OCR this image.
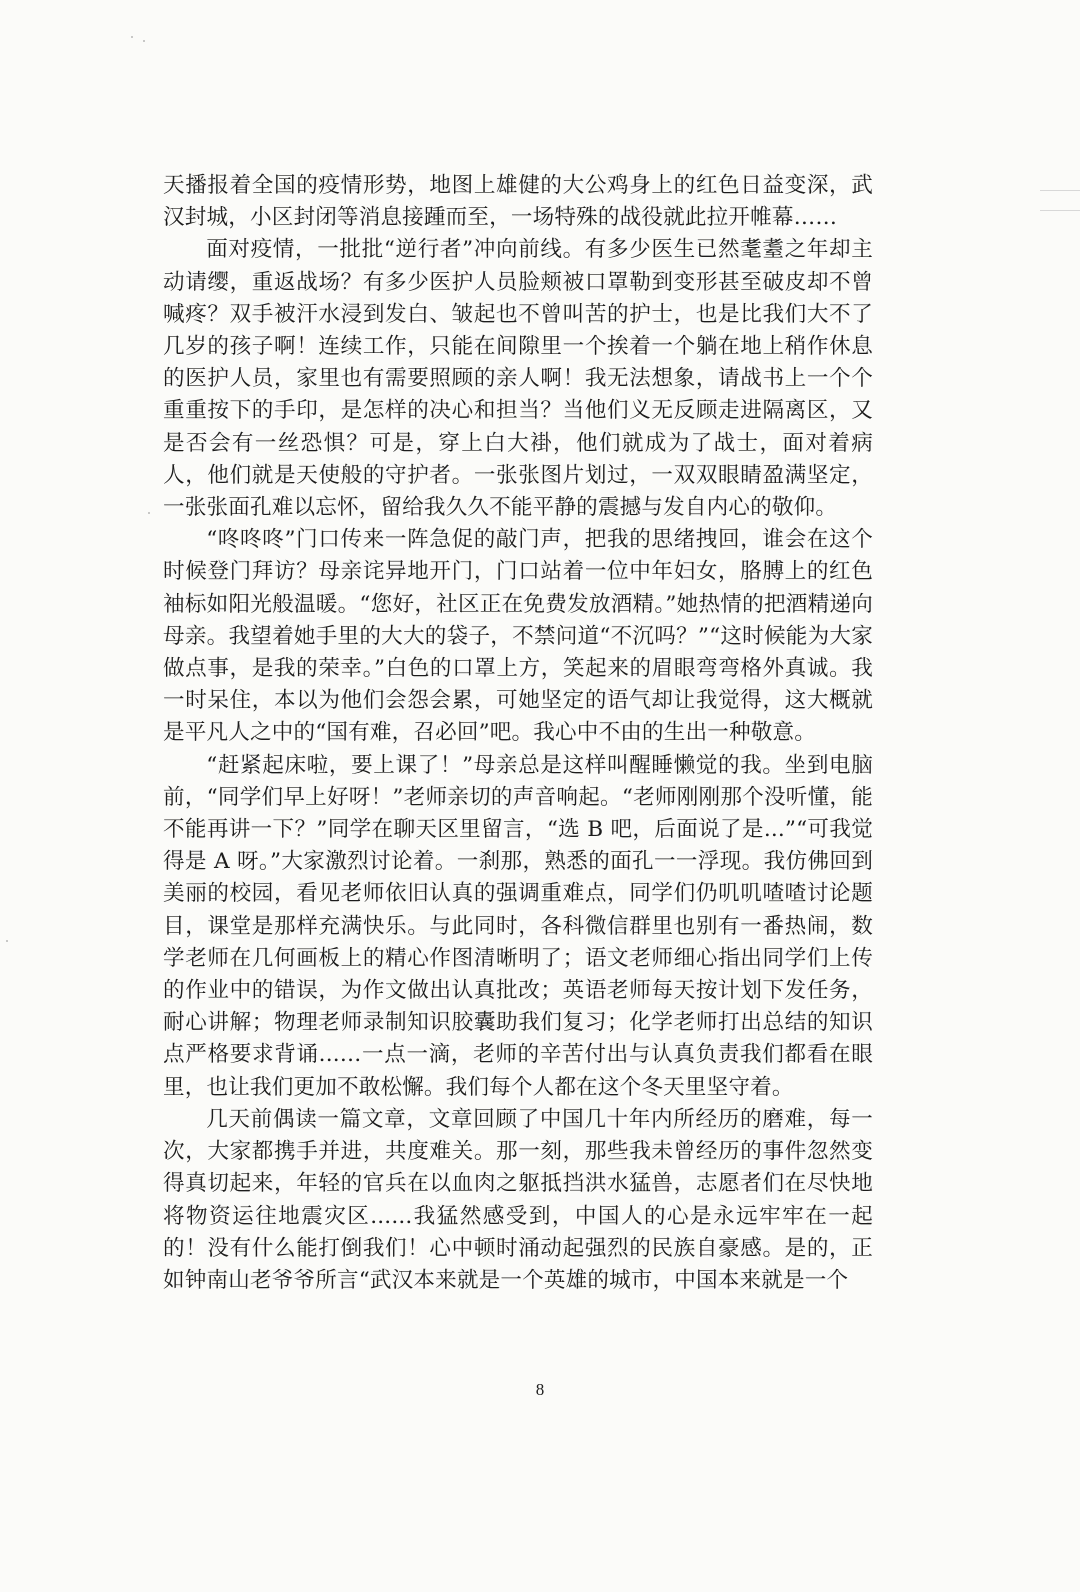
天播报着全国的疫情形势，地图上雄健的大公鸡身上的红色日益变深，武汉封城，小区封闭等消息接踵而至，一场特殊的战役就此拉开帷幕……

面对疫情，一批批“逆行者”冲向前线。有多少医生已然耄耋之年却主动请缨，重返战场？有多少医护人员脸颊被口罩勒到变形甚至破皮却不曾喊疼？双手被汗水浸到发白、皱起也不曾叫苦的护士，也是比我们大不了几岁的孩子啊！连续工作，只能在间隙里一个挨着一个躺在地上稍作休息的医护人员，家里也有需要照顾的亲人啊！我无法想象，请战书上一个个重重按下的手印，是怎样的决心和担当？当他们义无反顾走进隔离区，又是否会有一丝恐惧？可是，穿上白大褂，他们就成为了战士，面对着病人，他们就是天使般的守护者。一张张图片划过，一双双眼睛盈满坚定，一张张面孔难以忘怀，留给我久久不能平静的震撼与发自内心的敬仰。

“咚咚咚”门口传来一阵急促的敲门声，把我的思绪拽回，谁会在这个时候登门拜访？母亲诧异地开门，门口站着一位中年妇女，胳膊上的红色袖标如阳光般温暖。“您好，社区正在免费发放酒精。”她热情的把酒精递向母亲。我望着她手里的大大的袋子，不禁问道“不沉吗？”“这时候能为大家做点事，是我的荣幸。”白色的口罩上方，笑起来的眉眼弯弯格外真诚。我一时呆住，本以为他们会怨会累，可她坚定的语气却让我觉得，这大概就是平凡人之中的“国有难，召必回”吧。我心中不由的生出一种敬意。

“赶紧起床啦，要上课了！”母亲总是这样叫醒睡懒觉的我。坐到电脑前，“同学们早上好呀！”老师亲切的声音响起。“老师刚刚那个没听懂，能不能再讲一下？”同学在聊天区里留言，“选 B 吧，后面说了是...”“可我觉得是 A 呀。”大家激烈讨论着。一刹那，熟悉的面孔一一浮现。我仿佛回到美丽的校园，看见老师依旧认真的强调重难点，同学们仍叽叽喳喳讨论题目，课堂是那样充满快乐。与此同时，各科微信群里也别有一番热闹，数学老师在几何画板上的精心作图清晰明了；语文老师细心指出同学们上传的作业中的错误，为作文做出认真批改；英语老师每天按计划下发任务，耐心讲解；物理老师录制知识胶囊助我们复习；化学老师打出总结的知识点严格要求背诵...…一点一滴，老师的辛苦付出与认真负责我们都看在眼里，也让我们更加不敢松懈。我们每个人都在这个冬天里坚守着。

几天前偶读一篇文章，文章回顾了中国几十年内所经历的磨难，每一次，大家都携手并进，共度难关。那一刻，那些我未曾经历的事件忽然变得真切起来，年轻的官兵在以血肉之躯抵挡洪水猛兽，志愿者们在尽快地将物资运往地震灾区......我猛然感受到，中国人的心是永远牢牢在一起的！没有什么能打倒我们！心中顿时涌动起强烈的民族自豪感。是的，正如钟南山老爷爷所言“武汉本来就是一个英雄的城市，中国本来就是一个

8
